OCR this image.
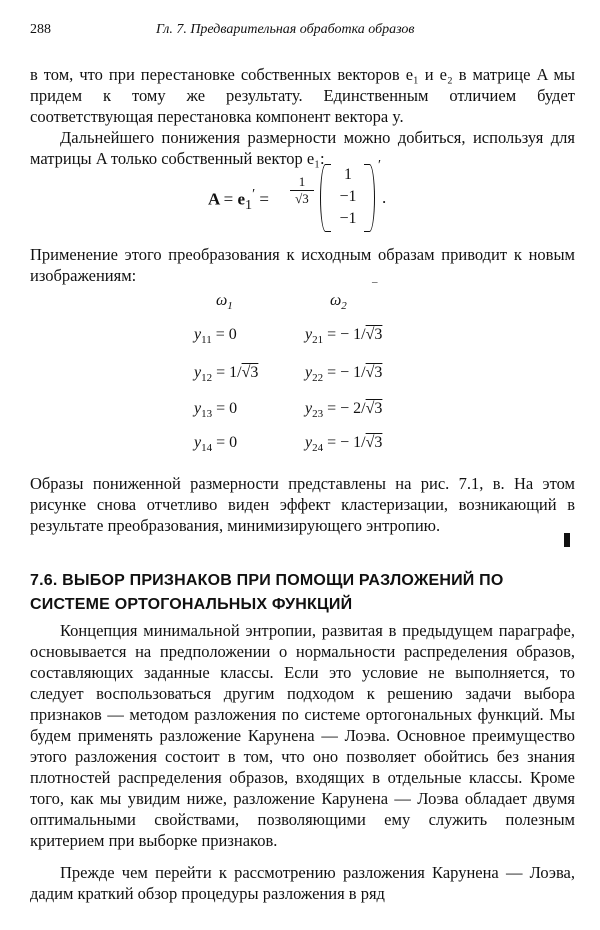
288	Гл. 7. Предварительная обработка образов
в том, что при перестановке собственных векторов e₁ и e₂ в матрице A мы придем к тому же результату. Единственным отличием будет соответствующая перестановка компонент вектора y.
Дальнейшего понижения размерности можно добиться, используя для матрицы A только собственный вектор e₁:
$A = e_1' = \frac{1}{√3}$	1
−1
−1
′
.
Применение этого преобразования к исходным образам приводит к новым изображениям:	–
$\omega_1$	$\omega_2$
$y_{11} = 0$	$y_{21}$ = − 1/√3
$y_{12} = 1/√3$	$y_{22}$ = − 1/√3
$y_{13} = 0$	$y_{23}$ = − 2/√3
$y_{14} = 0$	$y_{24}$ = − 1/√3
Образы пониженной размерности представлены на рис. 7.1, в. На этом рисунке снова отчетливо виден эффект кластеризации, возникающий в результате преобразования, минимизирующего энтропию.
7.6. ВЫБОР ПРИЗНАКОВ ПРИ ПОМОЩИ РАЗЛОЖЕНИЙ ПО СИСТЕМЕ ОРТОГОНАЛЬНЫХ ФУНКЦИЙ
Концепция минимальной энтропии, развитая в предыдущем параграфе, основывается на предположении о нормальности распределения образов, составляющих заданные классы. Если это условие не выполняется, то следует воспользоваться другим подходом к решению задачи выбора признаков — методом разложения по системе ортогональных функций. Мы будем применять разложение Карунена — Лоэва. Основное преимущество этого разложения состоит в том, что оно позволяет обойтись без знания плотностей распределения образов, входящих в отдельные классы. Кроме того, как мы увидим ниже, разложение Карунена — Лоэва обладает двумя оптимальными свойствами, позволяющими ему служить полезным критерием при выборке признаков.
Прежде чем перейти к рассмотрению разложения Карунена — Лоэва, дадим краткий обзор процедуры разложения в ряд
